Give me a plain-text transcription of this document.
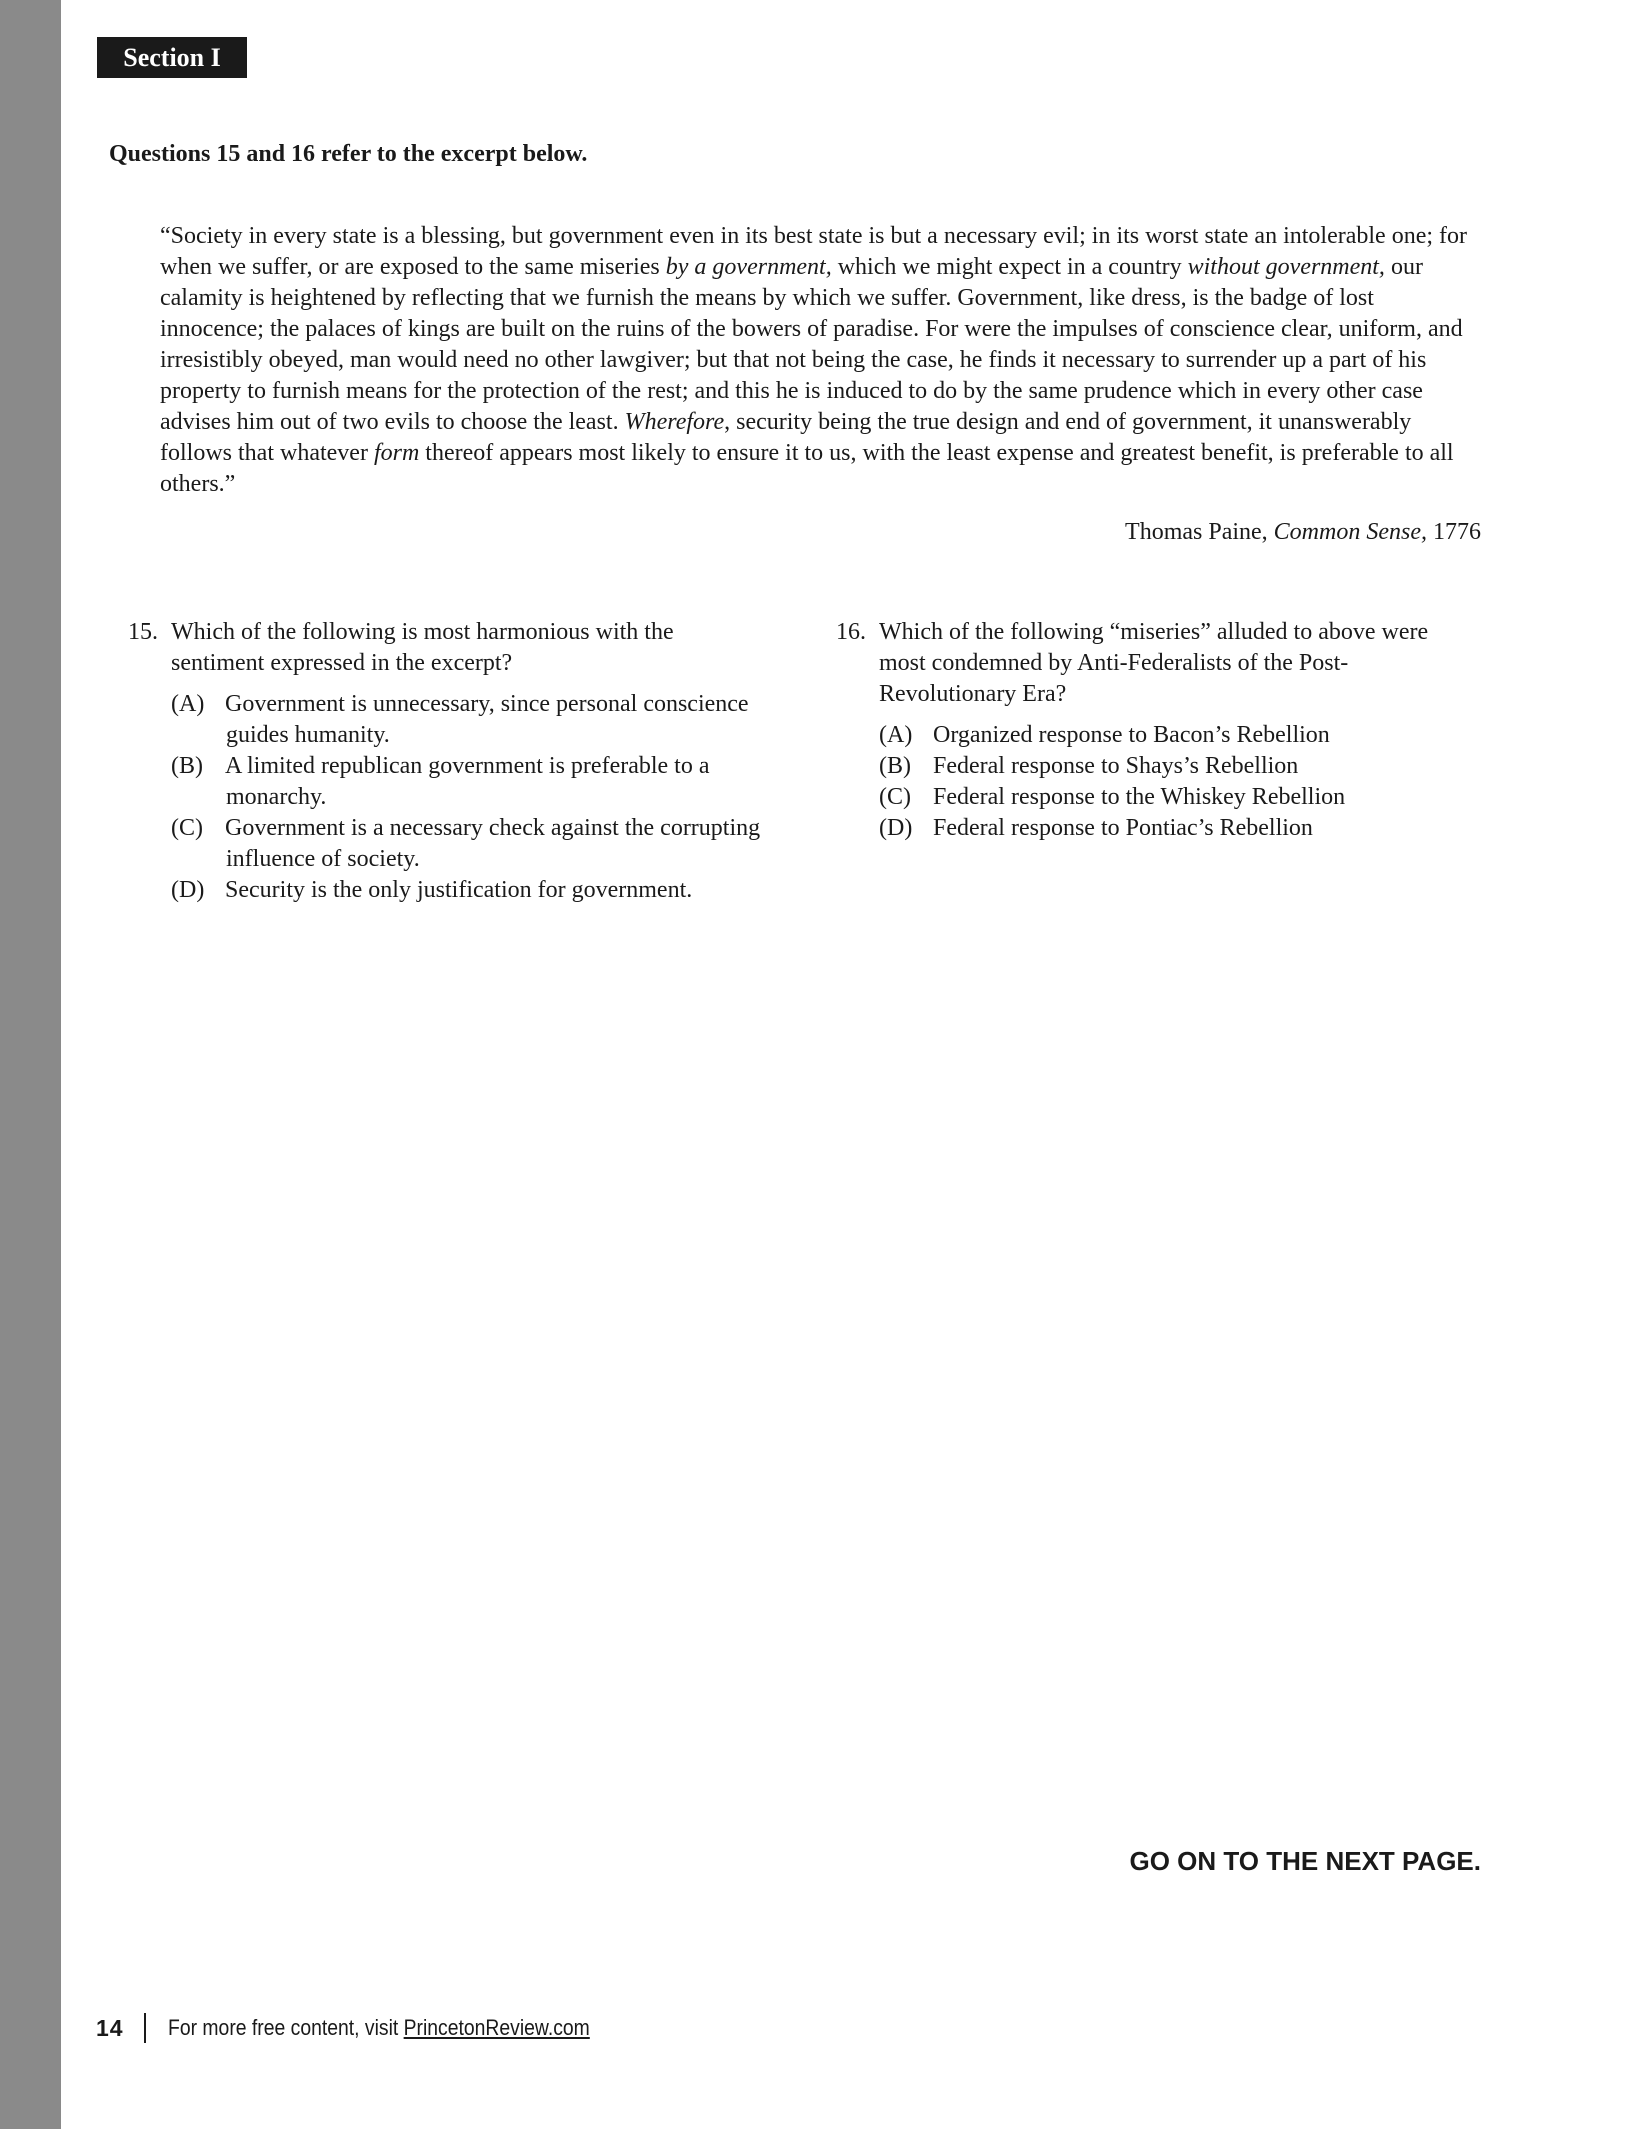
Section I

Questions 15 and 16 refer to the excerpt below.

“Society in every state is a blessing, but government even in its best state is but a necessary evil; in its worst state an intolerable one; for when we suffer, or are exposed to the same miseries by a government, which we might expect in a country without government, our calamity is heightened by reflecting that we furnish the means by which we suffer. Government, like dress, is the badge of lost innocence; the palaces of kings are built on the ruins of the bowers of paradise. For were the impulses of conscience clear, uniform, and irresistibly obeyed, man would need no other lawgiver; but that not being the case, he finds it necessary to surrender up a part of his property to furnish means for the protection of the rest; and this he is induced to do by the same prudence which in every other case advises him out of two evils to choose the least. Wherefore, security being the true design and end of government, it unanswerably follows that whatever form thereof appears most likely to ensure it to us, with the least expense and greatest benefit, is preferable to all others.”

Thomas Paine, Common Sense, 1776

15. Which of the following is most harmonious with the sentiment expressed in the excerpt?
(A) Government is unnecessary, since personal conscience guides humanity.
(B) A limited republican government is preferable to a monarchy.
(C) Government is a necessary check against the corrupting influence of society.
(D) Security is the only justification for government.
16. Which of the following “miseries” alluded to above were most condemned by Anti-Federalists of the Post-Revolutionary Era?
(A) Organized response to Bacon’s Rebellion
(B) Federal response to Shays’s Rebellion
(C) Federal response to the Whiskey Rebellion
(D) Federal response to Pontiac’s Rebellion

GO ON TO THE NEXT PAGE.

14 For more free content, visit PrincetonReview.com
